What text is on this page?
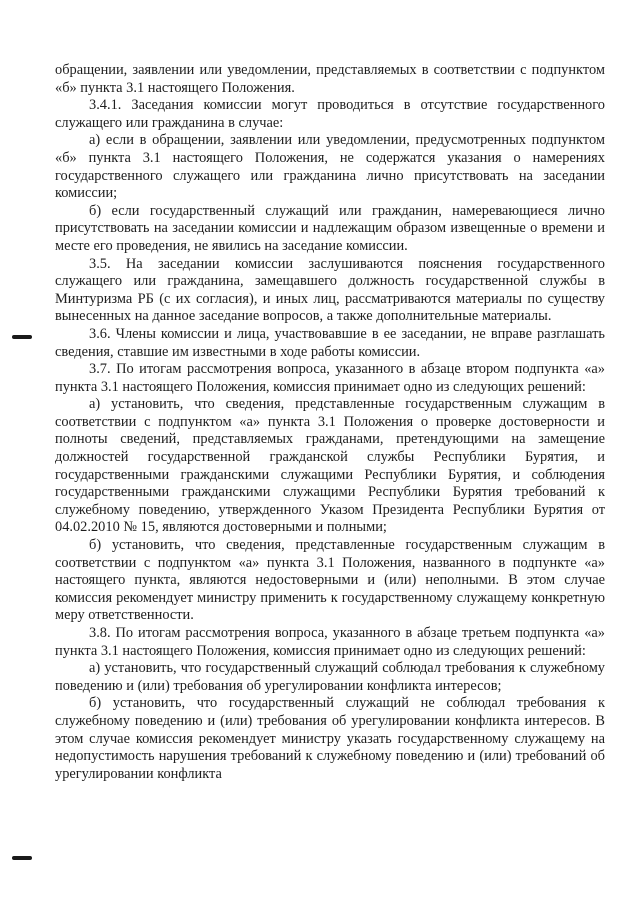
обращении, заявлении или уведомлении, представляемых в соответствии с подпунктом «б» пункта 3.1 настоящего Положения.

3.4.1. Заседания комиссии могут проводиться в отсутствие государственного служащего или гражданина в случае:

а) если в обращении, заявлении или уведомлении, предусмотренных подпунктом «б» пункта 3.1 настоящего Положения, не содержатся указания о намерениях государственного служащего или гражданина лично присутствовать на заседании комиссии;

б) если государственный служащий или гражданин, намеревающиеся лично присутствовать на заседании комиссии и надлежащим образом извещенные о времени и месте его проведения, не явились на заседание комиссии.

3.5. На заседании комиссии заслушиваются пояснения государственного служащего или гражданина, замещавшего должность государственной службы в Минтуризма РБ (с их согласия), и иных лиц, рассматриваются материалы по существу вынесенных на данное заседание вопросов, а также дополнительные материалы.

3.6. Члены комиссии и лица, участвовавшие в ее заседании, не вправе разглашать сведения, ставшие им известными в ходе работы комиссии.

3.7. По итогам рассмотрения вопроса, указанного в абзаце втором подпункта «а» пункта 3.1 настоящего Положения, комиссия принимает одно из следующих решений:

а) установить, что сведения, представленные государственным служащим в соответствии с подпунктом «а» пункта 3.1 Положения о проверке достоверности и полноты сведений, представляемых гражданами, претендующими на замещение должностей государственной гражданской службы Республики Бурятия, и государственными гражданскими служащими Республики Бурятия, и соблюдения государственными гражданскими служащими Республики Бурятия требований к служебному поведению, утвержденного Указом Президента Республики Бурятия от 04.02.2010 № 15, являются достоверными и полными;

б) установить, что сведения, представленные государственным служащим в соответствии с подпунктом «а» пункта 3.1 Положения, названного в подпункте «а» настоящего пункта, являются недостоверными и (или) неполными. В этом случае комиссия рекомендует министру применить к государственному служащему конкретную меру ответственности.

3.8. По итогам рассмотрения вопроса, указанного в абзаце третьем подпункта «а» пункта 3.1 настоящего Положения, комиссия принимает одно из следующих решений:

а) установить, что государственный служащий соблюдал требования к служебному поведению и (или) требования об урегулировании конфликта интересов;

б) установить, что государственный служащий не соблюдал требования к служебному поведению и (или) требования об урегулировании конфликта интересов. В этом случае комиссия рекомендует министру указать государственному служащему на недопустимость нарушения требований к служебному поведению и (или) требований об урегулировании конфликта
